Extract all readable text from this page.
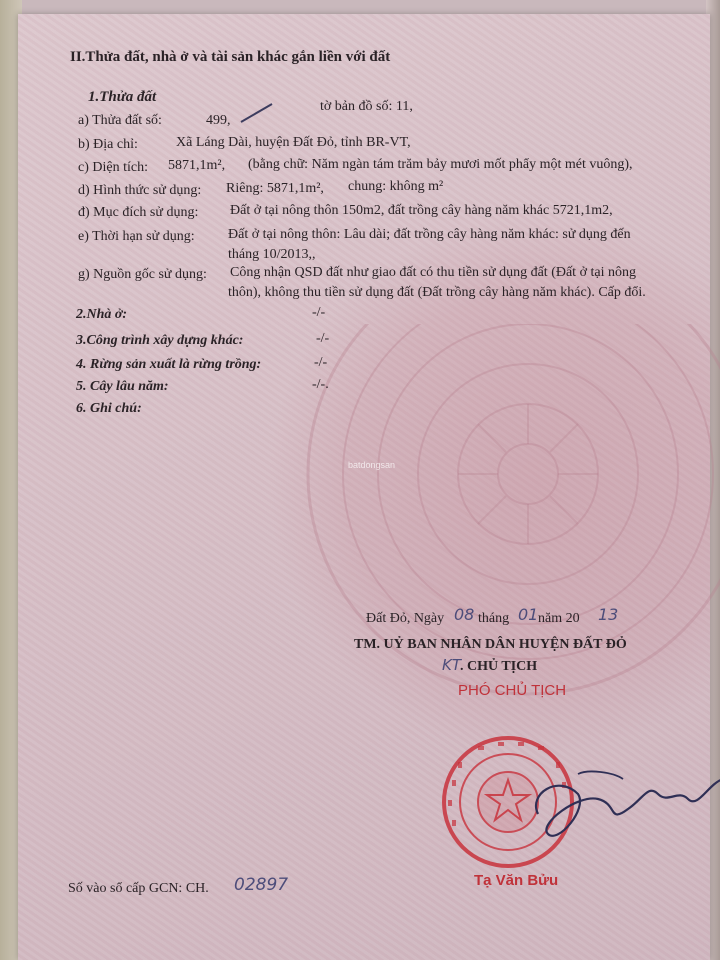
II.Thửa đất, nhà ở và tài sản khác gắn liền với đất
1.Thửa đất
a) Thửa đất số:	499,
tờ bản đồ số: 11,
b) Địa chỉ:	Xã Láng Dài, huyện Đất Đỏ, tỉnh BR-VT,
c) Diện tích: 5871,1m², (bằng chữ: Năm ngàn tám trăm bảy mươi mốt phẩy một mét vuông),
d) Hình thức sử dụng: Riêng: 5871,1m², chung: không m²
đ) Mục đích sử dụng: Đất ở tại nông thôn 150m2, đất trồng cây hàng năm khác 5721,1m2,
e) Thời hạn sử dụng: Đất ở tại nông thôn: Lâu dài; đất trồng cây hàng năm khác: sử dụng đến
tháng 10/2013,,
g) Nguồn gốc sử dụng: Công nhận QSD đất như giao đất có thu tiền sử dụng đất (Đất ở tại nông
thôn), không thu tiền sử dụng đất (Đất trồng cây hàng năm khác). Cấp đổi.
2.Nhà ở:	-/-
3.Công trình xây dựng khác:	-/-
4. Rừng sản xuất là rừng trồng:	-/-
5. Cây lâu năm:	-/-.
6. Ghi chú:
batdongsan
Đất Đỏ, Ngày 08 tháng 01 năm 20 13
TM. UỶ BAN NHÂN DÂN HUYỆN ĐẤT ĐỎ
KT . CHỦ TỊCH
PHÓ CHỦ TỊCH
Tạ Văn Bửu
Số vào sổ cấp GCN: CH. 02897
